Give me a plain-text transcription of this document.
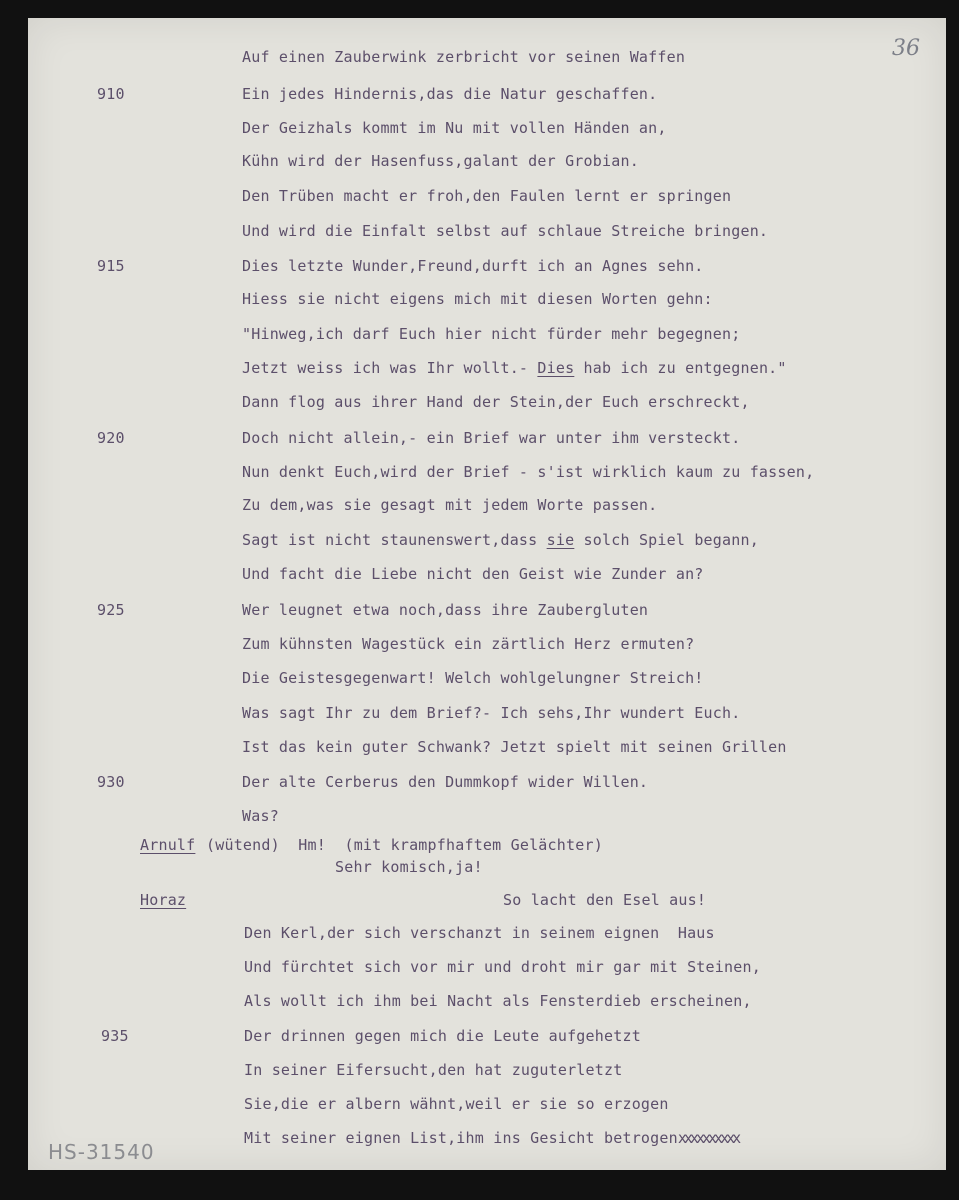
36

910

915

920

925

930

935

Auf einen Zauberwink zerbricht vor seinen Waffen

Ein jedes Hindernis,das die Natur geschaffen.

Der Geizhals kommt im Nu mit vollen Händen an,

Kühn wird der Hasenfuss,galant der Grobian.

Den Trüben macht er froh,den Faulen lernt er springen

Und wird die Einfalt selbst auf schlaue Streiche bringen.

Dies letzte Wunder,Freund,durft ich an Agnes sehn.

Hiess sie nicht eigens mich mit diesen Worten gehn:

"Hinweg,ich darf Euch hier nicht fürder mehr begegnen;

Jetzt weiss ich was Ihr wollt.- Dies hab ich zu entgegnen."

Dann flog aus ihrer Hand der Stein,der Euch erschreckt,

Doch nicht allein,- ein Brief war unter ihm versteckt.

Nun denkt Euch,wird der Brief - s'ist wirklich kaum zu fassen,

Zu dem,was sie gesagt mit jedem Worte passen.

Sagt ist nicht staunenswert,dass sie solch Spiel begann,

Und facht die Liebe nicht den Geist wie Zunder an?

Wer leugnet etwa noch,dass ihre Zaubergluten

Zum kühnsten Wagestück ein zärtlich Herz ermuten?

Die Geistesgegenwart! Welch wohlgelungner Streich!

Was sagt Ihr zu dem Brief?- Ich sehs,Ihr wundert Euch.

Ist das kein guter Schwank? Jetzt spielt mit seinen Grillen

Der alte Cerberus den Dummkopf wider Willen.

Was?

Arnulf

(wütend)  Hm!  (mit krampfhaftem Gelächter)

Sehr komisch,ja!

Horaz

	So lacht den Esel aus!

Den Kerl,der sich verschanzt in seinem eignen  Haus

Und fürchtet sich vor mir und droht mir gar mit Steinen,

Als wollt ich ihm bei Nacht als Fensterdieb erscheinen,

Der drinnen gegen mich die Leute aufgehetzt

In seiner Eifersucht,den hat zuguterletzt

Sie,die er albern wähnt,weil er sie so erzogen

Mit seiner eignen List,ihm ins Gesicht betrogenxxxxxxxxxx

HS-31540
